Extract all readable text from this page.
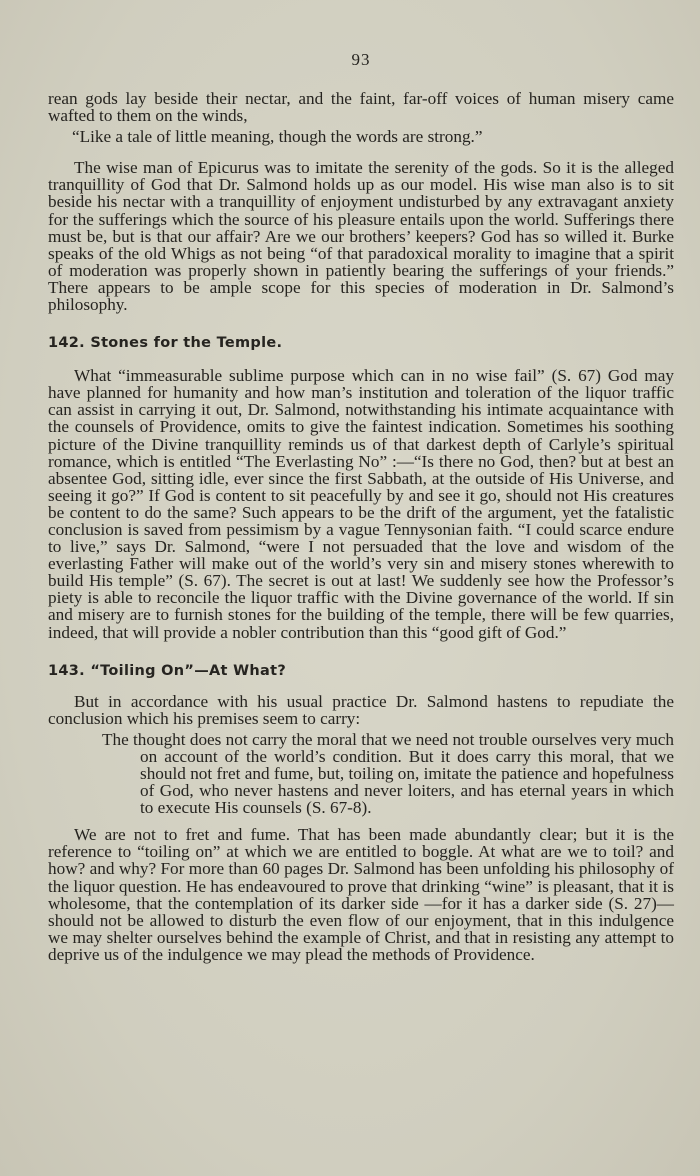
93

rean gods lay beside their nectar, and the faint, far-off voices of human misery came wafted to them on the winds,

“Like a tale of little meaning, though the words are strong.”

The wise man of Epicurus was to imitate the serenity of the gods. So it is the alleged tranquillity of God that Dr. Salmond holds up as our model. His wise man also is to sit beside his nectar with a tranquillity of enjoyment undisturbed by any extravagant anxiety for the sufferings which the source of his pleasure entails upon the world. Sufferings there must be, but is that our affair? Are we our brothers’ keepers? God has so willed it. Burke speaks of the old Whigs as not being “of that paradoxical morality to imagine that a spirit of moderation was properly shown in patiently bearing the sufferings of your friends.” There appears to be ample scope for this species of moderation in Dr. Salmond’s philosophy.

142. Stones for the Temple.

What “immeasurable sublime purpose which can in no wise fail” (S. 67) God may have planned for humanity and how man’s institution and toleration of the liquor traffic can assist in carrying it out, Dr. Salmond, notwithstanding his intimate acquaintance with the counsels of Providence, omits to give the faintest indication. Sometimes his soothing picture of the Divine tranquillity reminds us of that darkest depth of Carlyle’s spiritual romance, which is entitled “The Everlasting No” :—“Is there no God, then? but at best an absentee God, sitting idle, ever since the first Sabbath, at the outside of His Universe, and seeing it go?” If God is content to sit peacefully by and see it go, should not His creatures be content to do the same? Such appears to be the drift of the argument, yet the fatalistic conclusion is saved from pessimism by a vague Tennysonian faith. “I could scarce endure to live,” says Dr. Salmond, “were I not persuaded that the love and wisdom of the everlasting Father will make out of the world’s very sin and misery stones wherewith to build His temple” (S. 67). The secret is out at last! We suddenly see how the Professor’s piety is able to reconcile the liquor traffic with the Divine governance of the world. If sin and misery are to furnish stones for the building of the temple, there will be few quarries, indeed, that will provide a nobler contribution than this “good gift of God.”

143. “Toiling On”—At What?

But in accordance with his usual practice Dr. Salmond hastens to repudiate the conclusion which his premises seem to carry:

The thought does not carry the moral that we need not trouble ourselves very much on account of the world’s condition. But it does carry this moral, that we should not fret and fume, but, toiling on, imitate the patience and hopefulness of God, who never hastens and never loiters, and has eternal years in which to execute His counsels (S. 67-8).

We are not to fret and fume. That has been made abundantly clear; but it is the reference to “toiling on” at which we are entitled to boggle. At what are we to toil? and how? and why? For more than 60 pages Dr. Salmond has been unfolding his philosophy of the liquor question. He has endeavoured to prove that drinking “wine” is pleasant, that it is wholesome, that the contemplation of its darker side —for it has a darker side (S. 27)—should not be allowed to disturb the even flow of our enjoyment, that in this indulgence we may shelter ourselves behind the example of Christ, and that in resisting any attempt to deprive us of the indulgence we may plead the methods of Providence.
